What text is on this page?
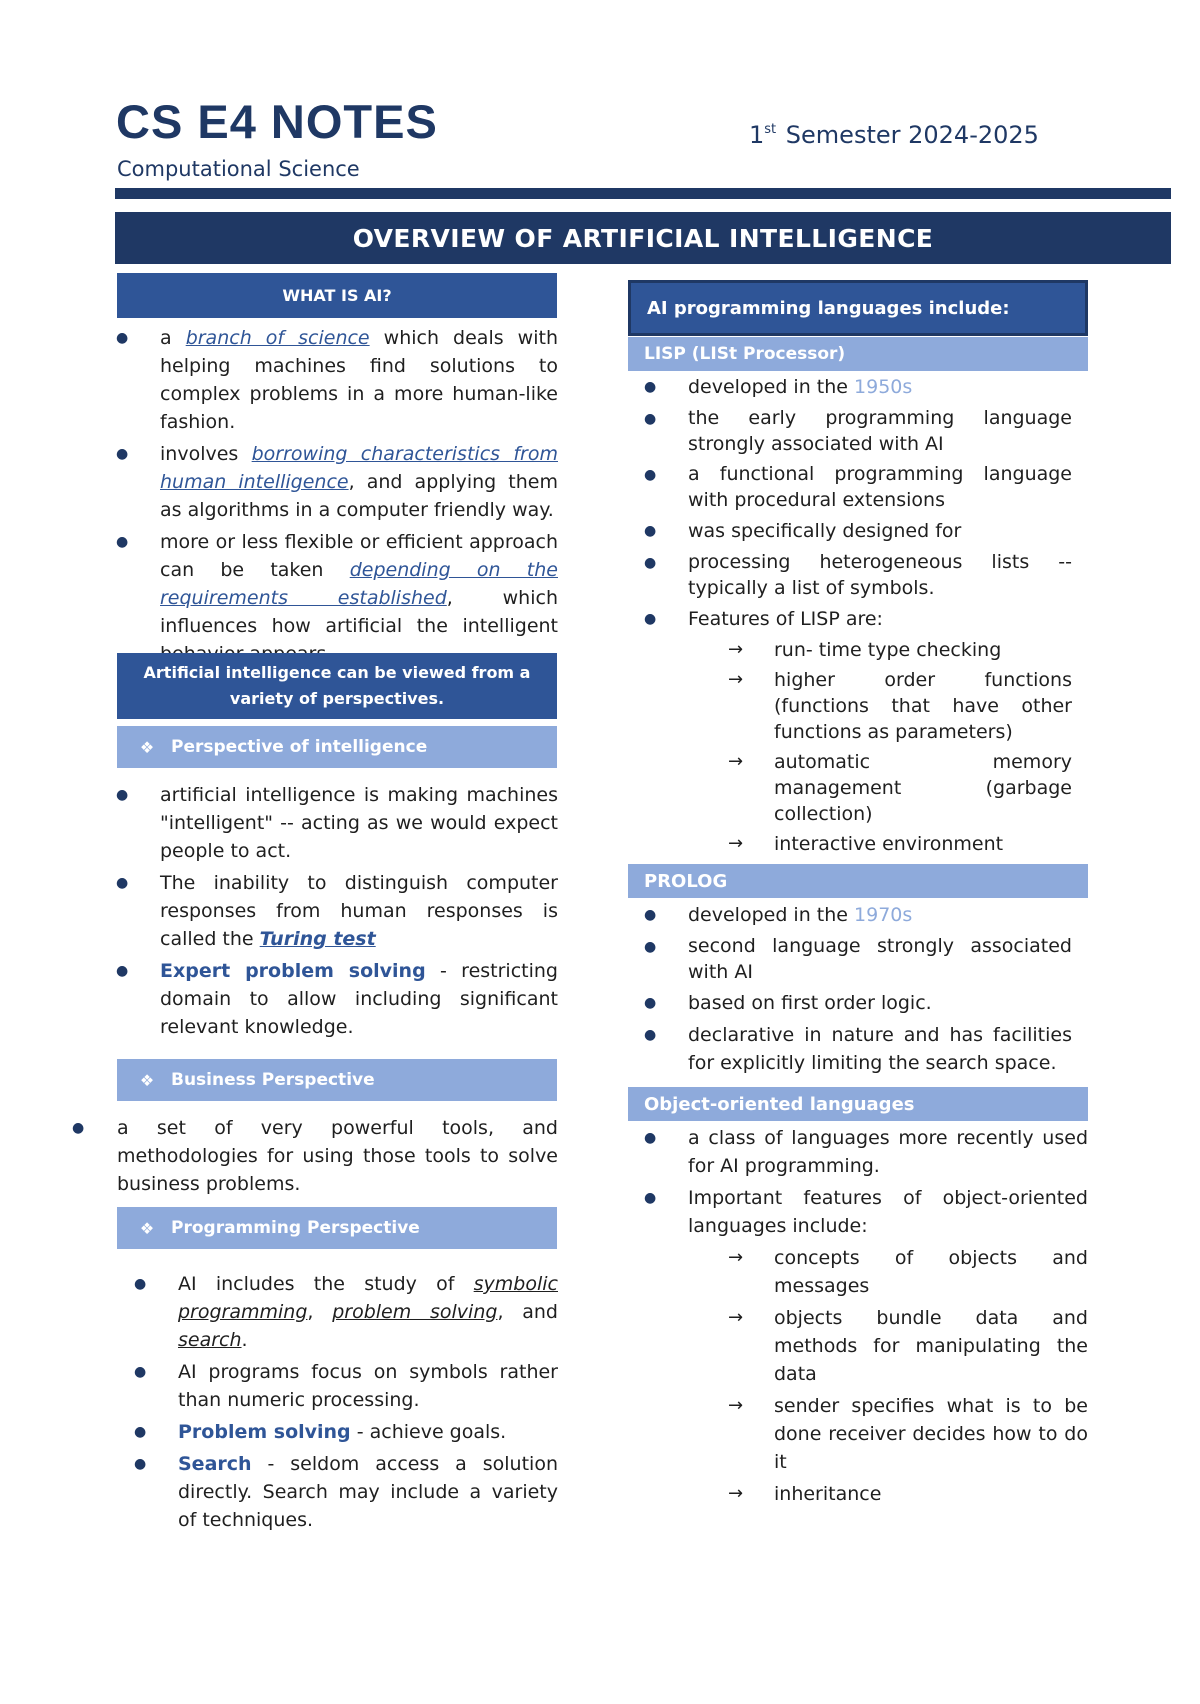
CS E4 NOTES
Computational Science
1st Semester 2024-2025
OVERVIEW OF ARTIFICIAL INTELLIGENCE
WHAT IS AI?
● a branch of science which deals with helping machines find solutions to complex problems in a more human-like fashion.
● involves borrowing characteristics from human intelligence, and applying them as algorithms in a computer friendly way.
● more or less flexible or efficient approach can be taken depending on the requirements established, which influences how artificial the intelligent
Artificial intelligence can be viewed from a variety of perspectives.
❖ Perspective of intelligence
● artificial intelligence is making machines "intelligent" -- acting as we would expect people to act.
● The inability to distinguish computer responses from human responses is called the Turing test
● Expert problem solving - restricting domain to allow including significant relevant knowledge.
❖ Business Perspective
● a set of very powerful tools, and methodologies for using those tools to solve business problems.
❖ Programming Perspective
● AI includes the study of symbolic programming, problem solving, and search.
● AI programs focus on symbols rather than numeric processing.
● Problem solving - achieve goals.
● Search - seldom access a solution directly. Search may include a variety of techniques.
AI programming languages include:
LISP (LISt Processor)
● developed in the 1950s
● the early programming language strongly associated with AI
● a functional programming language with procedural extensions
● was specifically designed for
● processing heterogeneous lists -- typically a list of symbols.
● Features of LISP are:
→ run- time type checking
→ higher order functions (functions that have other functions as parameters)
→ automatic memory management (garbage collection)
→ interactive environment
PROLOG
● developed in the 1970s
● second language strongly associated with AI
● based on first order logic.
● declarative in nature and has facilities for explicitly limiting the search space.
Object-oriented languages
● a class of languages more recently used for AI programming.
● Important features of object-oriented languages include:
→ concepts of objects and messages
→ objects bundle data and methods for manipulating the data
→ sender specifies what is to be done receiver decides how to do it
→ inheritance
